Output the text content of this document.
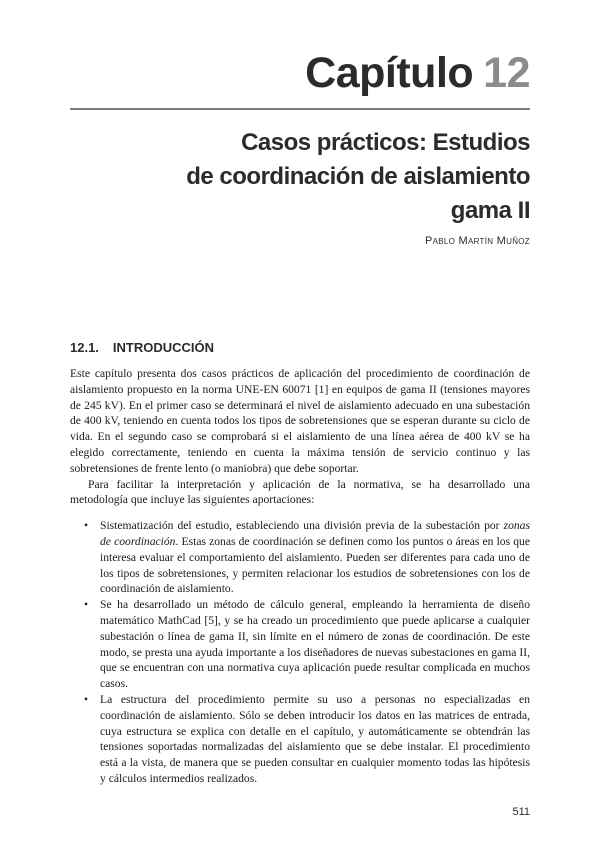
Capítulo 12
Casos prácticos: Estudios
de coordinación de aislamiento
gama II
Pablo Martín Muñoz
12.1. INTRODUCCIÓN

Este capítulo presenta dos casos prácticos de aplicación del procedimiento de coordinación de aislamiento propuesto en la norma UNE-EN 60071 [1] en equipos de gama II (tensiones mayores de 245 kV). En el primer caso se determinará el nivel de aislamiento adecuado en una subestación de 400 kV, teniendo en cuenta todos los tipos de sobretensiones que se esperan durante su ciclo de vida. En el segundo caso se comprobará si el aislamiento de una línea aérea de 400 kV se ha elegido correctamente, teniendo en cuenta la máxima tensión de servicio continuo y las sobretensiones de frente lento (o maniobra) que debe soportar.

Para facilitar la interpretación y aplicación de la normativa, se ha desarrollado una metodología que incluye las siguientes aportaciones:

• Sistematización del estudio, estableciendo una división previa de la subestación por zonas de coordinación. Estas zonas de coordinación se definen como los puntos o áreas en los que interesa evaluar el comportamiento del aislamiento. Pueden ser diferentes para cada uno de los tipos de sobretensiones, y permiten relacionar los estudios de sobretensiones con los de coordinación de aislamiento.
• Se ha desarrollado un método de cálculo general, empleando la herramienta de diseño matemático MathCad [5], y se ha creado un procedimiento que puede aplicarse a cualquier subestación o línea de gama II, sin límite en el número de zonas de coordinación. De este modo, se presta una ayuda importante a los diseñadores de nuevas subestaciones en gama II, que se encuentran con una normativa cuya aplicación puede resultar complicada en muchos casos.
• La estructura del procedimiento permite su uso a personas no especializadas en coordinación de aislamiento. Sólo se deben introducir los datos en las matrices de entrada, cuya estructura se explica con detalle en el capítulo, y automáticamente se obtendrán las tensiones soportadas normalizadas del aislamiento que se debe instalar. El procedimiento está a la vista, de manera que se pueden consultar en cualquier momento todas las hipótesis y cálculos intermedios realizados.
511
